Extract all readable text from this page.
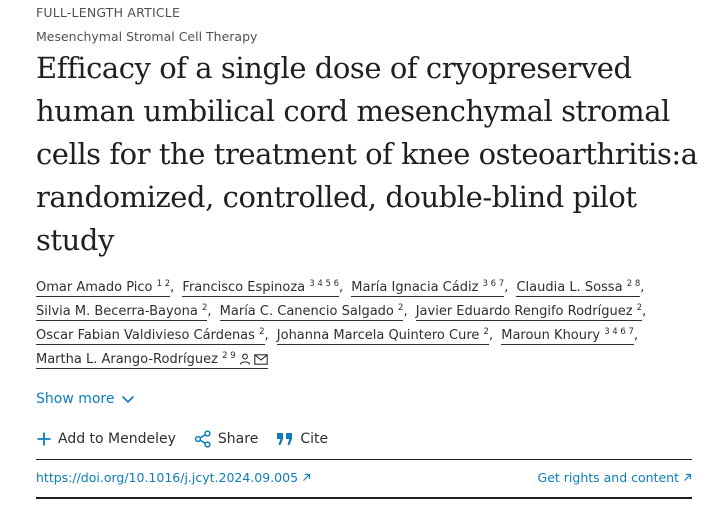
FULL-LENGTH ARTICLE
Mesenchymal Stromal Cell Therapy
Efficacy of a single dose of cryopreserved human umbilical cord mesenchymal stromal cells for the treatment of knee osteoarthritis:a randomized, controlled, double-blind pilot study
Omar Amado Pico $^{1 2}$, Francisco Espinoza $^{3 4 5 6}$, María Ignacia Cádiz $^{3 6 7}$, Claudia L. Sossa $^{2 8}$,
Silvia M. Becerra-Bayona $^2$, María C. Canencio Salgado $^2$, Javier Eduardo Rengifo Rodríguez $^2$,
Oscar Fabian Valdivieso Cárdenas $^2$, Johanna Marcela Quintero Cure $^2$, Maroun Khoury $^{3 4 6 7}$,
Martha L. Arango-Rodríguez $^{2 9}$
Show more
Add to Mendeley	Share	Cite
https://doi.org/10.1016/j.jcyt.2024.09.005	Get rights and content
